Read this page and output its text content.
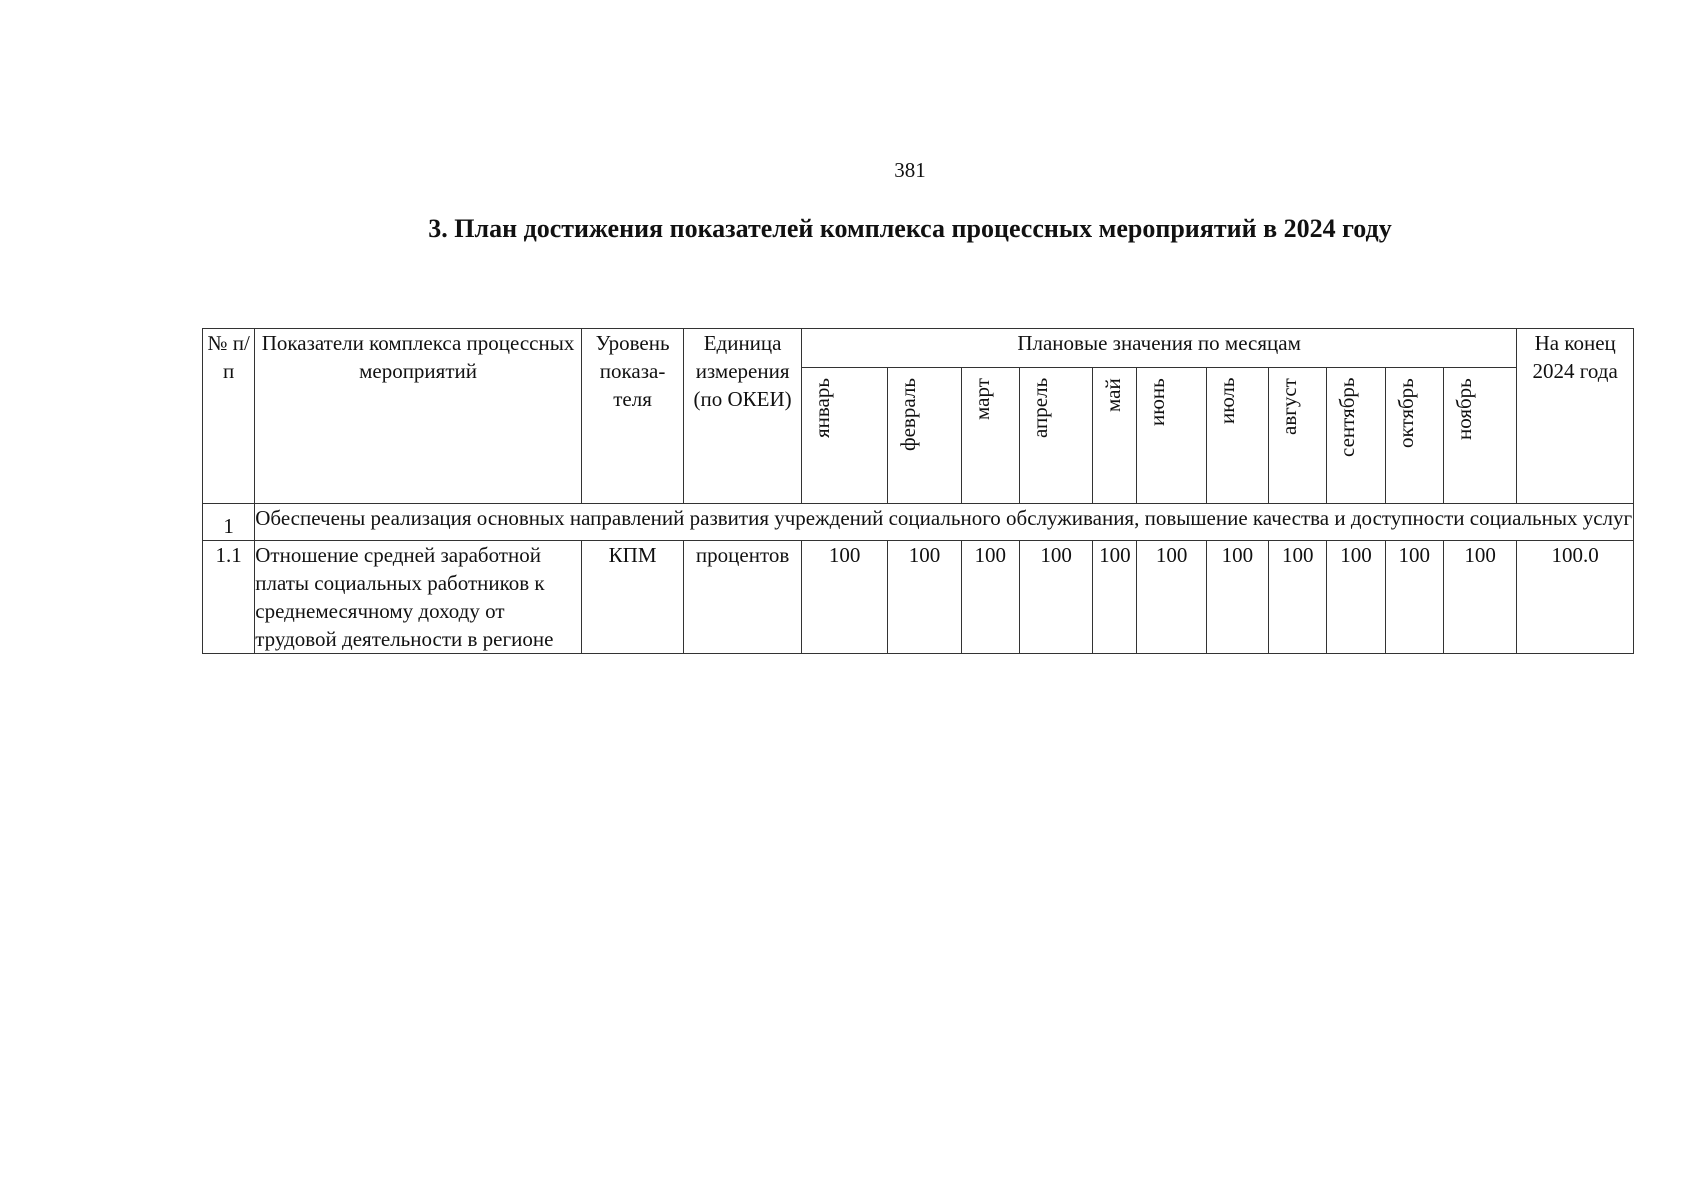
381
3. План достижения показателей комплекса процессных мероприятий в 2024 году
№ п/п	Показатели комплекса процессных мероприятий	Уровень показа-теля	Единица измерения (по ОКЕИ)	Плановые значения по месяцам											На конец 2024 года

				январь	февраль	март	апрель	май	июнь	июль	август	сентябрь	октябрь	ноябрь	

1	Обеспечены реализация основных направлений развития учреждений социального обслуживания, повышение качества и доступности социальных услуг														
1.1	Отношение средней заработной платы социальных работников к среднемесячному доходу от трудовой деятельности в регионе	КПМ	процентов	100	100	100	100	100	100	100	100	100	100	100	100.0
